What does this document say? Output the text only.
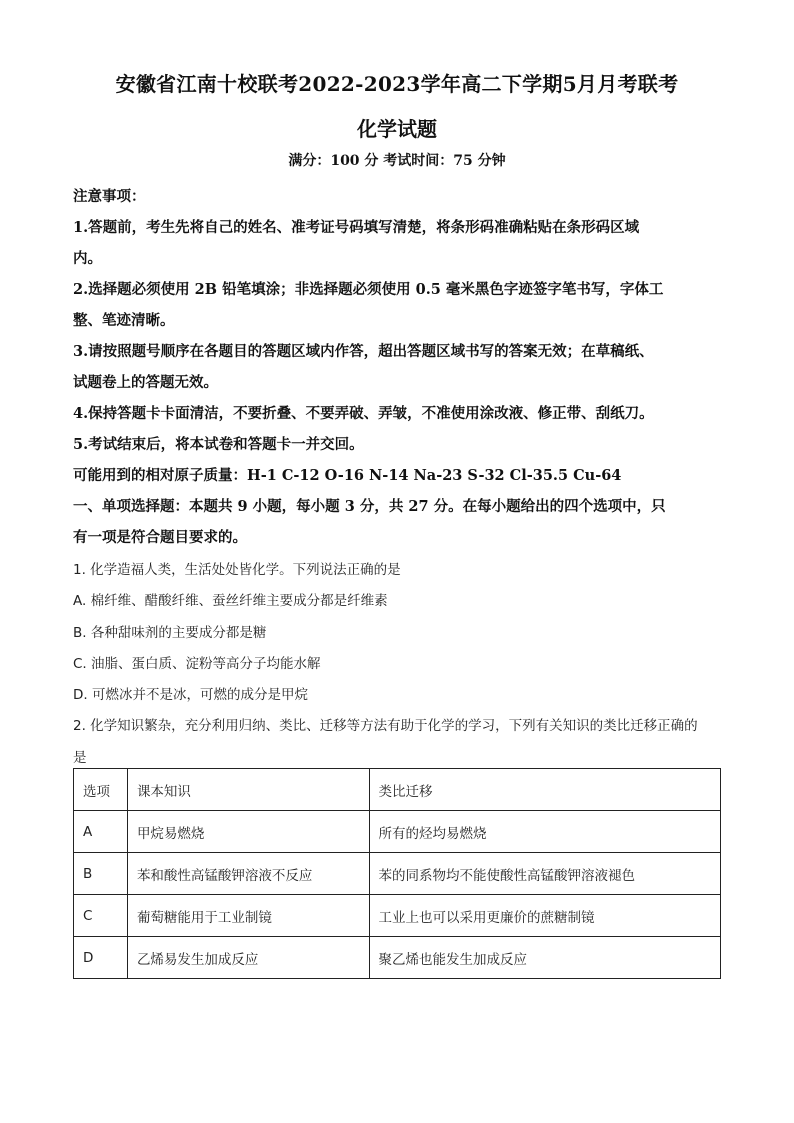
安徽省江南十校联考2022-2023学年高二下学期5月月考联考
化学试题
满分：100 分 考试时间：75 分钟

注意事项：

1.答题前，考生先将自己的姓名、准考证号码填写清楚，将条形码准确粘贴在条形码区域

内。

2.选择题必须使用 2B 铅笔填涂；非选择题必须使用 0.5 毫米黑色字迹签字笔书写，字体工

整、笔迹清晰。

3.请按照题号顺序在各题目的答题区域内作答，超出答题区域书写的答案无效；在草稿纸、

试题卷上的答题无效。

4.保持答题卡卡面清洁，不要折叠、不要弄破、弄皱，不准使用涂改液、修正带、刮纸刀。

5.考试结束后，将本试卷和答题卡一并交回。

可能用到的相对原子质量：H-1 C-12 O-16 N-14 Na-23 S-32 Cl-35.5 Cu-64

一、单项选择题：本题共 9 小题，每小题 3 分，共 27 分。在每小题给出的四个选项中，只

有一项是符合题目要求的。

1. 化学造福人类，生活处处皆化学。下列说法正确的是

A. 棉纤维、醋酸纤维、蚕丝纤维主要成分都是纤维素

B. 各种甜味剂的主要成分都是糖

C. 油脂、蛋白质、淀粉等高分子均能水解

D. 可燃冰并不是冰，可燃的成分是甲烷

2. 化学知识繁杂，充分利用归纳、类比、迁移等方法有助于化学的学习，下列有关知识的类比迁移正确的

是

选项	课本知识	类比迁移
A	甲烷易燃烧	所有的烃均易燃烧
B	苯和酸性高锰酸钾溶液不反应	苯的同系物均不能使酸性高锰酸钾溶液褪色
C	葡萄糖能用于工业制镜	工业上也可以采用更廉价的蔗糖制镜
D	乙烯易发生加成反应	聚乙烯也能发生加成反应
